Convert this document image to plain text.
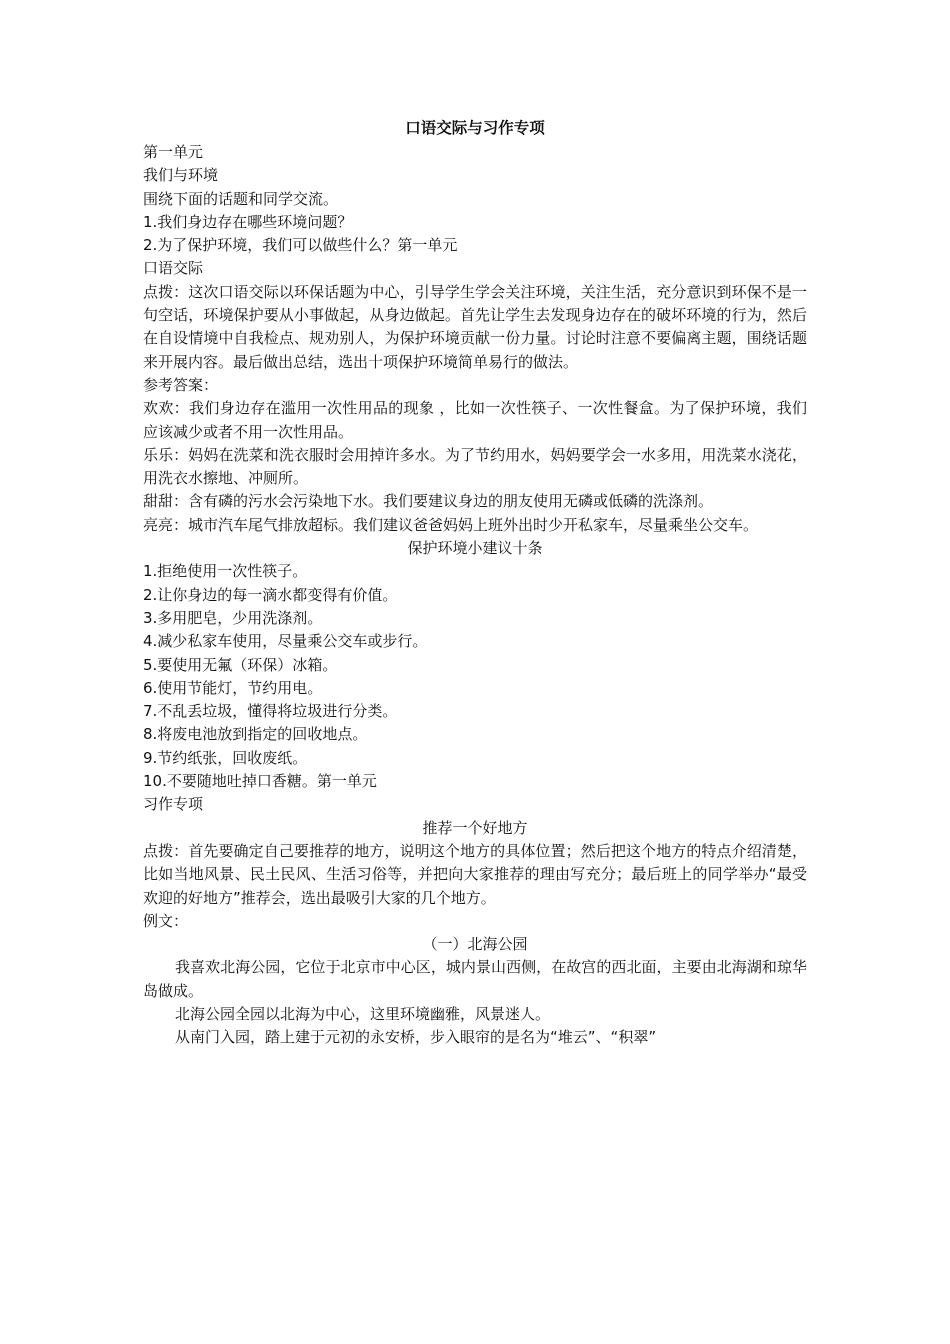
口语交际与习作专项
第一单元
我们与环境
围绕下面的话题和同学交流。
1.我们身边存在哪些环境问题？
2.为了保护环境，我们可以做些什么？第一单元
口语交际
点拨：这次口语交际以环保话题为中心，引导学生学会关注环境，关注生活，充分意识到环保不是一句空话，环境保护要从小事做起，从身边做起。首先让学生去发现身边存在的破坏环境的行为，然后在自设情境中自我检点、规劝别人，为保护环境贡献一份力量。讨论时注意不要偏离主题，围绕话题来开展内容。最后做出总结，选出十项保护环境简单易行的做法。
参考答案：
欢欢：我们身边存在滥用一次性用品的现象 ，比如一次性筷子、一次性餐盒。为了保护环境，我们应该减少或者不用一次性用品。
乐乐：妈妈在洗菜和洗衣服时会用掉许多水。为了节约用水，妈妈要学会一水多用，用洗菜水浇花，用洗衣水擦地、冲厕所。
甜甜：含有磷的污水会污染地下水。我们要建议身边的朋友使用无磷或低磷的洗涤剂。
亮亮：城市汽车尾气排放超标。我们建议爸爸妈妈上班外出时少开私家车，尽量乘坐公交车。
保护环境小建议十条
1.拒绝使用一次性筷子。
2.让你身边的每一滴水都变得有价值。
3.多用肥皂，少用洗涤剂。
4.减少私家车使用，尽量乘公交车或步行。
5.要使用无氟（环保）冰箱。
6.使用节能灯，节约用电。
7.不乱丢垃圾，懂得将垃圾进行分类。
8.将废电池放到指定的回收地点。
9.节约纸张，回收废纸。
10.不要随地吐掉口香糖。第一单元
习作专项
推荐一个好地方
点拨：首先要确定自己要推荐的地方，说明这个地方的具体位置；然后把这个地方的特点介绍清楚，比如当地风景、民土民风、生活习俗等，并把向大家推荐的理由写充分；最后班上的同学举办“最受欢迎的好地方”推荐会，选出最吸引大家的几个地方。
例文：
（一）北海公园
我喜欢北海公园，它位于北京市中心区，城内景山西侧，在故宫的西北面，主要由北海湖和琼华岛做成。
北海公园全园以北海为中心，这里环境幽雅，风景迷人。
从南门入园，踏上建于元初的永安桥，步入眼帘的是名为“堆云”、“积翠”
